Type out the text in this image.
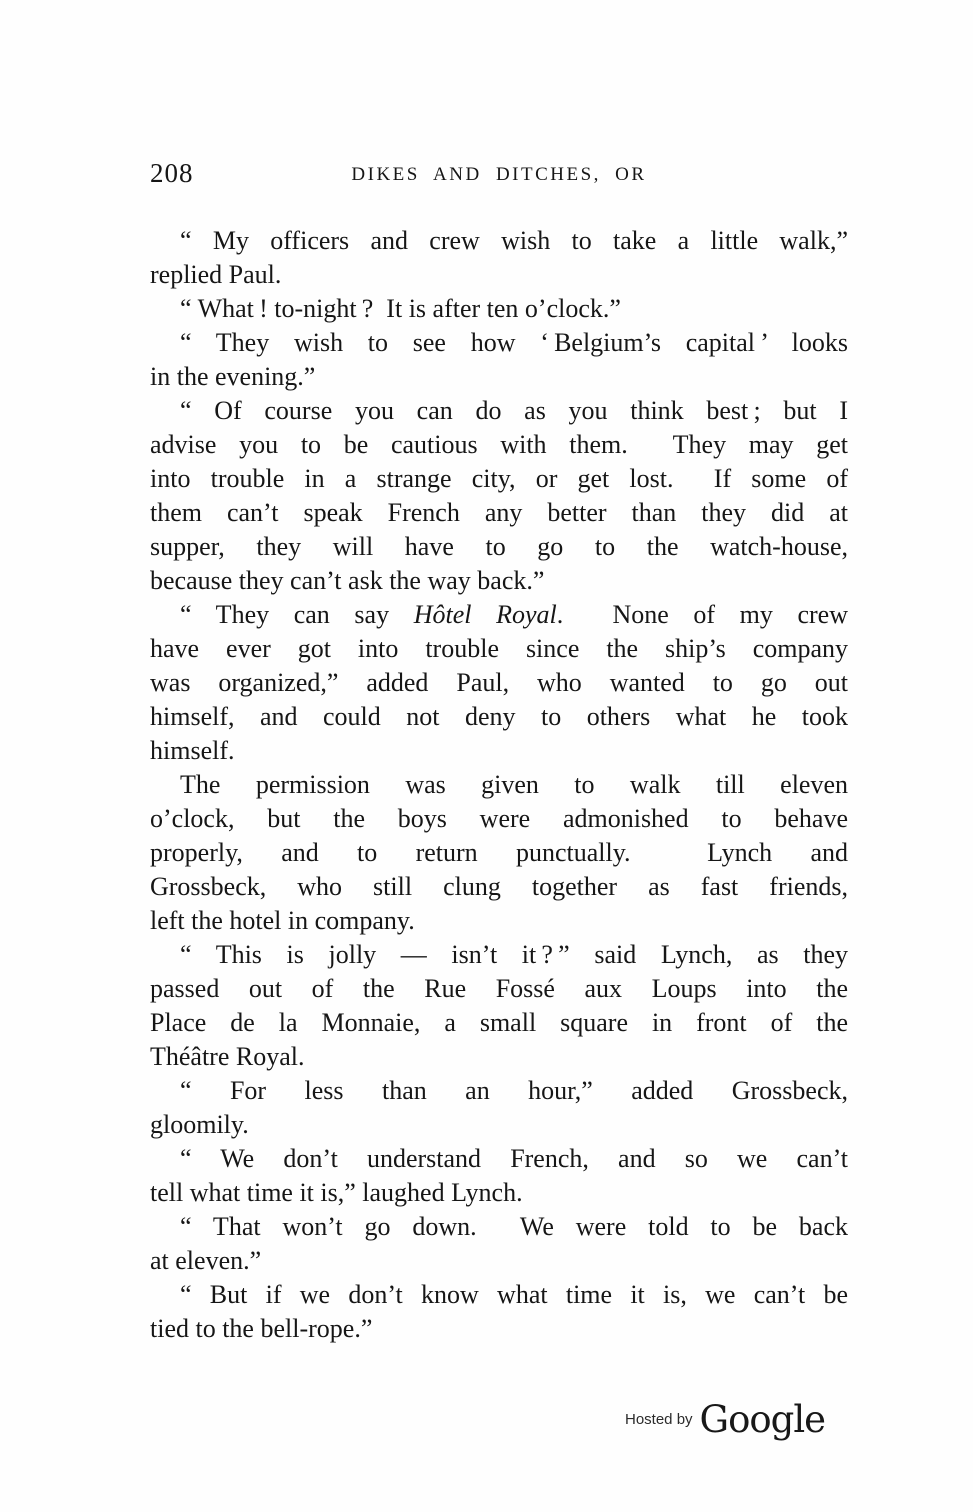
208	DIKES AND DITCHES, OR
“ My officers and crew wish to take a little walk,”
replied Paul.
“ What ! to-night ?  It is after ten o’clock.”
“ They wish to see how ‘ Belgium’s capital ’ looks
in the evening.”
“ Of course you can do as you think best ; but I
advise you to be cautious with them.  They may get
into trouble in a strange city, or get lost.  If some of
them can’t speak French any better than they did at
supper, they will have to go to the watch-house,
because they can’t ask the way back.”
“ They can say Hôtel Royal.  None of my crew
have ever got into trouble since the ship’s company
was organized,” added Paul, who wanted to go out
himself, and could not deny to others what he took
himself.
The permission was given to walk till eleven
o’clock, but the boys were admonished to behave
properly, and to return punctually.  Lynch and
Grossbeck, who still clung together as fast friends,
left the hotel in company.
“ This is jolly — isn’t it ? ” said Lynch, as they
passed out of the Rue Fossé aux Loups into the
Place de la Monnaie, a small square in front of the
Théâtre Royal.
“ For less than an hour,” added Grossbeck,
gloomily.
“ We don’t understand French, and so we can’t
tell what time it is,” laughed Lynch.
“ That won’t go down.  We were told to be back
at eleven.”
“ But if we don’t know what time it is, we can’t be
tied to the bell-rope.”
Hosted by Google
